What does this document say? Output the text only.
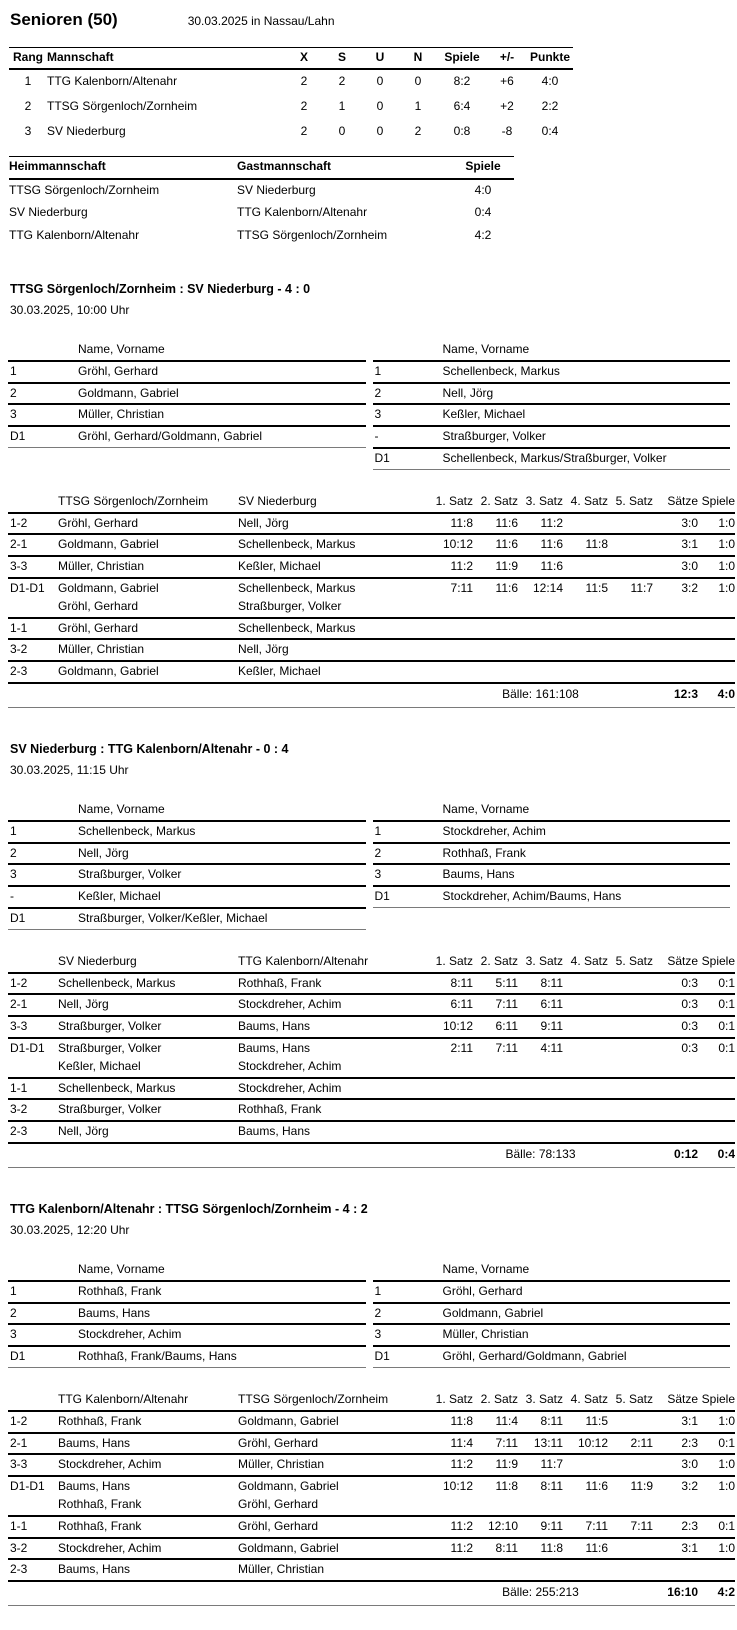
Senioren (50)	30.03.2025 in Nassau/Lahn
Rang	Mannschaft	X	S	U	N	Spiele	+/-	Punkte
1	TTG Kalenborn/Altenahr	2	2	0	0	8:2	+6	4:0
2	TTSG Sörgenloch/Zornheim	2	1	0	1	6:4	+2	2:2
3	SV Niederburg	2	0	0	2	0:8	-8	0:4
Heimmannschaft	Gastmannschaft	Spiele
TTSG Sörgenloch/Zornheim	SV Niederburg	4:0
SV Niederburg	TTG Kalenborn/Altenahr	0:4
TTG Kalenborn/Altenahr	TTSG Sörgenloch/Zornheim	4:2
TTSG Sörgenloch/Zornheim : SV Niederburg - 4 : 0
30.03.2025, 10:00 Uhr
	Name, Vorname
1	Gröhl, Gerhard
2	Goldmann, Gabriel
3	Müller, Christian
D1	Gröhl, Gerhard/Goldmann, Gabriel
	Name, Vorname
1	Schellenbeck, Markus
2	Nell, Jörg
3	Keßler, Michael
-	Straßburger, Volker
D1	Schellenbeck, Markus/Straßburger, Volker
	TTSG Sörgenloch/Zornheim	SV Niederburg	1. Satz	2. Satz	3. Satz	4. Satz	5. Satz	Sätze	Spiele
1-2	Gröhl, Gerhard	Nell, Jörg	11:8	11:6	11:2			3:0	1:0
2-1	Goldmann, Gabriel	Schellenbeck, Markus	10:12	11:6	11:6	11:8		3:1	1:0
3-3	Müller, Christian	Keßler, Michael	11:2	11:9	11:6			3:0	1:0
D1-D1	Goldmann, Gabriel	Schellenbeck, Markus	7:11	11:6	12:14	11:5	11:7	3:2	1:0
	Gröhl, Gerhard	Straßburger, Volker							
1-1	Gröhl, Gerhard	Schellenbeck, Markus							
3-2	Müller, Christian	Nell, Jörg							
2-3	Goldmann, Gabriel	Keßler, Michael							
			Bälle: 161:108					12:3	4:0
SV Niederburg : TTG Kalenborn/Altenahr - 0 : 4
30.03.2025, 11:15 Uhr
	Name, Vorname
1	Schellenbeck, Markus
2	Nell, Jörg
3	Straßburger, Volker
-	Keßler, Michael
D1	Straßburger, Volker/Keßler, Michael
	Name, Vorname
1	Stockdreher, Achim
2	Rothhaß, Frank
3	Baums, Hans
D1	Stockdreher, Achim/Baums, Hans
	SV Niederburg	TTG Kalenborn/Altenahr	1. Satz	2. Satz	3. Satz	4. Satz	5. Satz	Sätze	Spiele
1-2	Schellenbeck, Markus	Rothhaß, Frank	8:11	5:11	8:11			0:3	0:1
2-1	Nell, Jörg	Stockdreher, Achim	6:11	7:11	6:11			0:3	0:1
3-3	Straßburger, Volker	Baums, Hans	10:12	6:11	9:11			0:3	0:1
D1-D1	Straßburger, Volker	Baums, Hans	2:11	7:11	4:11			0:3	0:1
	Keßler, Michael	Stockdreher, Achim							
1-1	Schellenbeck, Markus	Stockdreher, Achim							
3-2	Straßburger, Volker	Rothhaß, Frank							
2-3	Nell, Jörg	Baums, Hans							
			Bälle: 78:133					0:12	0:4
TTG Kalenborn/Altenahr : TTSG Sörgenloch/Zornheim - 4 : 2
30.03.2025, 12:20 Uhr
	Name, Vorname
1	Rothhaß, Frank
2	Baums, Hans
3	Stockdreher, Achim
D1	Rothhaß, Frank/Baums, Hans
	Name, Vorname
1	Gröhl, Gerhard
2	Goldmann, Gabriel
3	Müller, Christian
D1	Gröhl, Gerhard/Goldmann, Gabriel
	TTG Kalenborn/Altenahr	TTSG Sörgenloch/Zornheim	1. Satz	2. Satz	3. Satz	4. Satz	5. Satz	Sätze	Spiele
1-2	Rothhaß, Frank	Goldmann, Gabriel	11:8	11:4	8:11	11:5		3:1	1:0
2-1	Baums, Hans	Gröhl, Gerhard	11:4	7:11	13:11	10:12	2:11	2:3	0:1
3-3	Stockdreher, Achim	Müller, Christian	11:2	11:9	11:7			3:0	1:0
D1-D1	Baums, Hans	Goldmann, Gabriel	10:12	11:8	8:11	11:6	11:9	3:2	1:0
	Rothhaß, Frank	Gröhl, Gerhard							
1-1	Rothhaß, Frank	Gröhl, Gerhard	11:2	12:10	9:11	7:11	7:11	2:3	0:1
3-2	Stockdreher, Achim	Goldmann, Gabriel	11:2	8:11	11:8	11:6		3:1	1:0
2-3	Baums, Hans	Müller, Christian							
			Bälle: 255:213					16:10	4:2
